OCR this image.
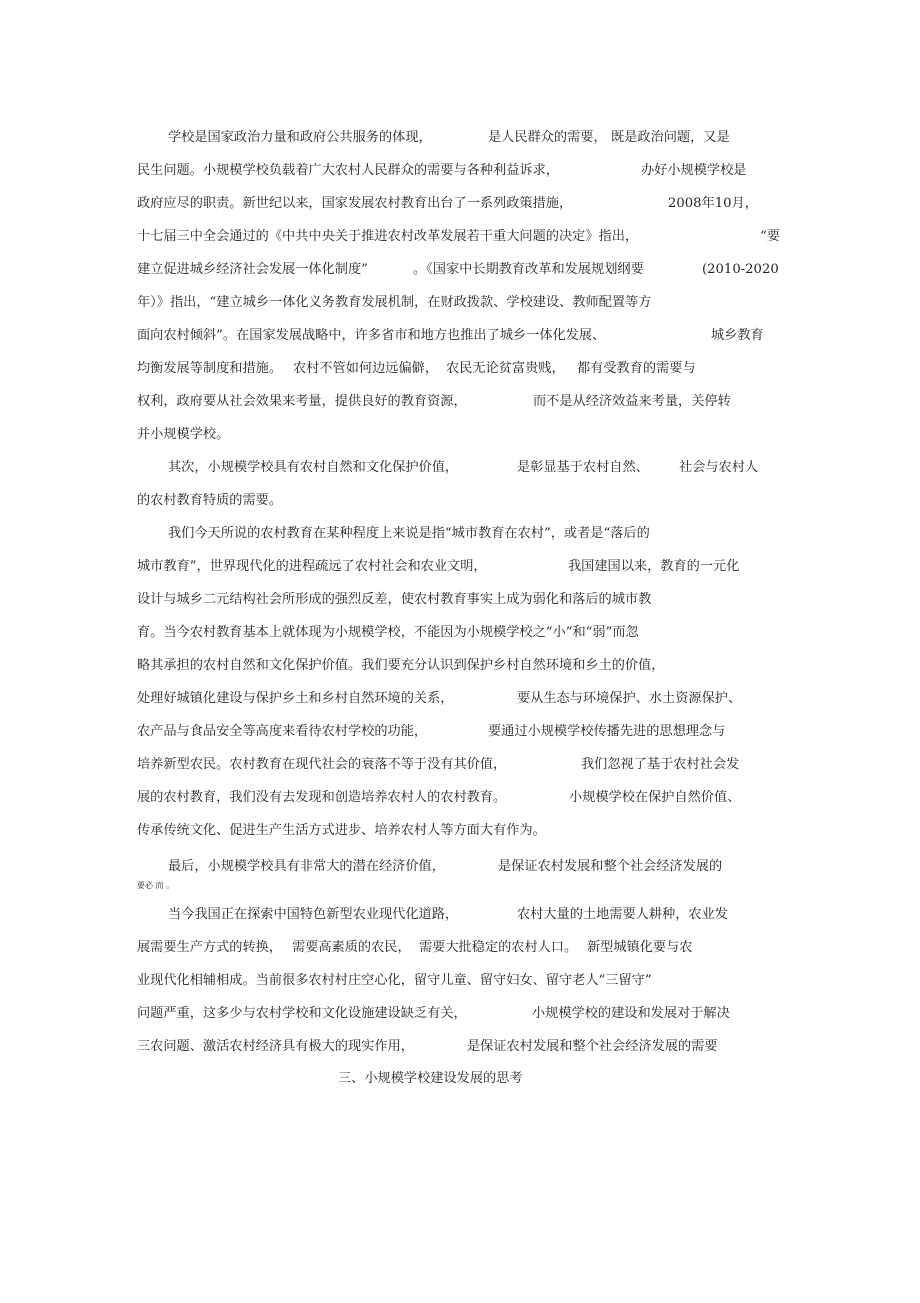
学校是国家政治力量和政府公共服务的体现，	是人民群众的需要， 既是政治问题，又是
民生问题。小规模学校负载着广大农村人民群众的需要与各种利益诉求，	办好小规模学校是
政府应尽的职责。新世纪以来，国家发展农村教育出台了一系列政策措施，	2008年10月，
十七届三中全会通过的《中共中央关于推进农村改革发展若干重大问题的决定》指出，	“要
建立促进城乡经济社会发展一体化制度”	。《国家中长期教育改革和发展规划纲要	(2010-2020
年）》指出，“建立城乡一体化义务教育发展机制，在财政拨款、学校建设、教师配置等方
面向农村倾斜”。在国家发展战略中，许多省市和地方也推出了城乡一体化发展、	城乡教育
均衡发展等制度和措施。 农村不管如何边远偏僻， 农民无论贫富贵贱， 都有受教育的需要与
权利，政府要从社会效果来考量，提供良好的教育资源，	而不是从经济效益来考量，关停转
并小规模学校。
其次，小规模学校具有农村自然和文化保护价值，	是彰显基于农村自然、 社会与农村人
的农村教育特质的需要。
我们今天所说的农村教育在某种程度上来说是指“城市教育在农村”，或者是“落后的
城市教育”，世界现代化的进程疏远了农村社会和农业文明，	我国建国以来，教育的一元化
设计与城乡二元结构社会所形成的强烈反差，使农村教育事实上成为弱化和落后的城市教
育。当今农村教育基本上就体现为小规模学校，不能因为小规模学校之“小”和“弱”而忽
略其承担的农村自然和文化保护价值。我们要充分认识到保护乡村自然环境和乡土的价值，
处理好城镇化建设与保护乡土和乡村自然环境的关系，	要从生态与环境保护、水土资源保护、
农产品与食品安全等高度来看待农村学校的功能，	要通过小规模学校传播先进的思想理念与
培养新型农民。农村教育在现代社会的衰落不等于没有其价值，	我们忽视了基于农村社会发
展的农村教育，我们没有去发现和创造培养农村人的农村教育。	小规模学校在保护自然价值、
传承传统文化、促进生产生活方式进步、培养农村人等方面大有作为。
最后，小规模学校具有非常大的潜在经济价值，	是保证农村发展和整个社会经济发展的
要必 而 。
当今我国正在探索中国特色新型农业现代化道路，	农村大量的土地需要人耕种，农业发
展需要生产方式的转换， 需要高素质的农民， 需要大批稳定的农村人口。 新型城镇化要与农
业现代化相辅相成。当前很多农村村庄空心化，留守儿童、留守妇女、留守老人“三留守”
问题严重，这多少与农村学校和文化设施建设缺乏有关，	小规模学校的建设和发展对于解决
三农问题、激活农村经济具有极大的现实作用，	是保证农村发展和整个社会经济发展的需要
三、小规模学校建设发展的思考
